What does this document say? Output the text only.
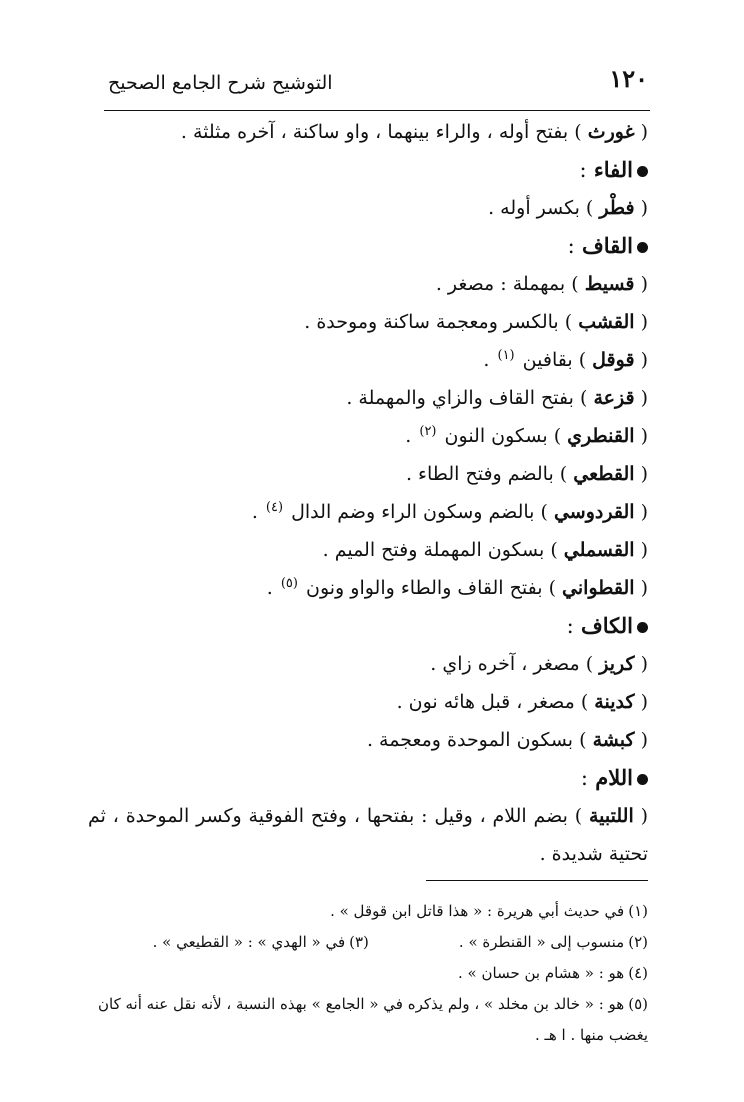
١٢٠
التوشيح شرح الجامع الصحيح
( غورث ) بفتح أوله ، والراء بينهما ، واو ساكنة ، آخره مثلثة .
الفاء :
( فطْر ) بكسر أوله .
القاف :
( قسيط ) بمهملة : مصغر .
( القشب ) بالكسر ومعجمة ساكنة وموحدة .
( قوقل ) بقافين $^{(١)}$ .
( قزعة ) بفتح القاف والزاي والمهملة .
( القنطري ) بسكون النون $^{(٢)}$ .
( القطعي ) بالضم وفتح الطاء .
( القردوسي ) بالضم وسكون الراء وضم الدال $^{(٤)}$ .
( القسملي ) بسكون المهملة وفتح الميم .
( القطواني ) بفتح القاف والطاء والواو ونون $^{(٥)}$ .
الكاف :
( كريز ) مصغر ، آخره زاي .
( كدينة ) مصغر ، قبل هائه نون .
( كبشة ) بسكون الموحدة ومعجمة .
اللام :
( اللتبية ) بضم اللام ، وقيل : بفتحها ، وفتح الفوقية وكسر الموحدة ، ثم تحتية شديدة .
(١)في حديث أبي هريرة : « هذا قاتل ابن قوقل » .
(٢)منسوب إلى « القنطرة » .(٣)في « الهدي » : « القطيعي » .
(٤)هو : « هشام بن حسان » .
(٥)هو : « خالد بن مخلد » ، ولم يذكره في « الجامع » بهذه النسبة ، لأنه نقل عنه أنه كان يغضب منها . ا هـ .
